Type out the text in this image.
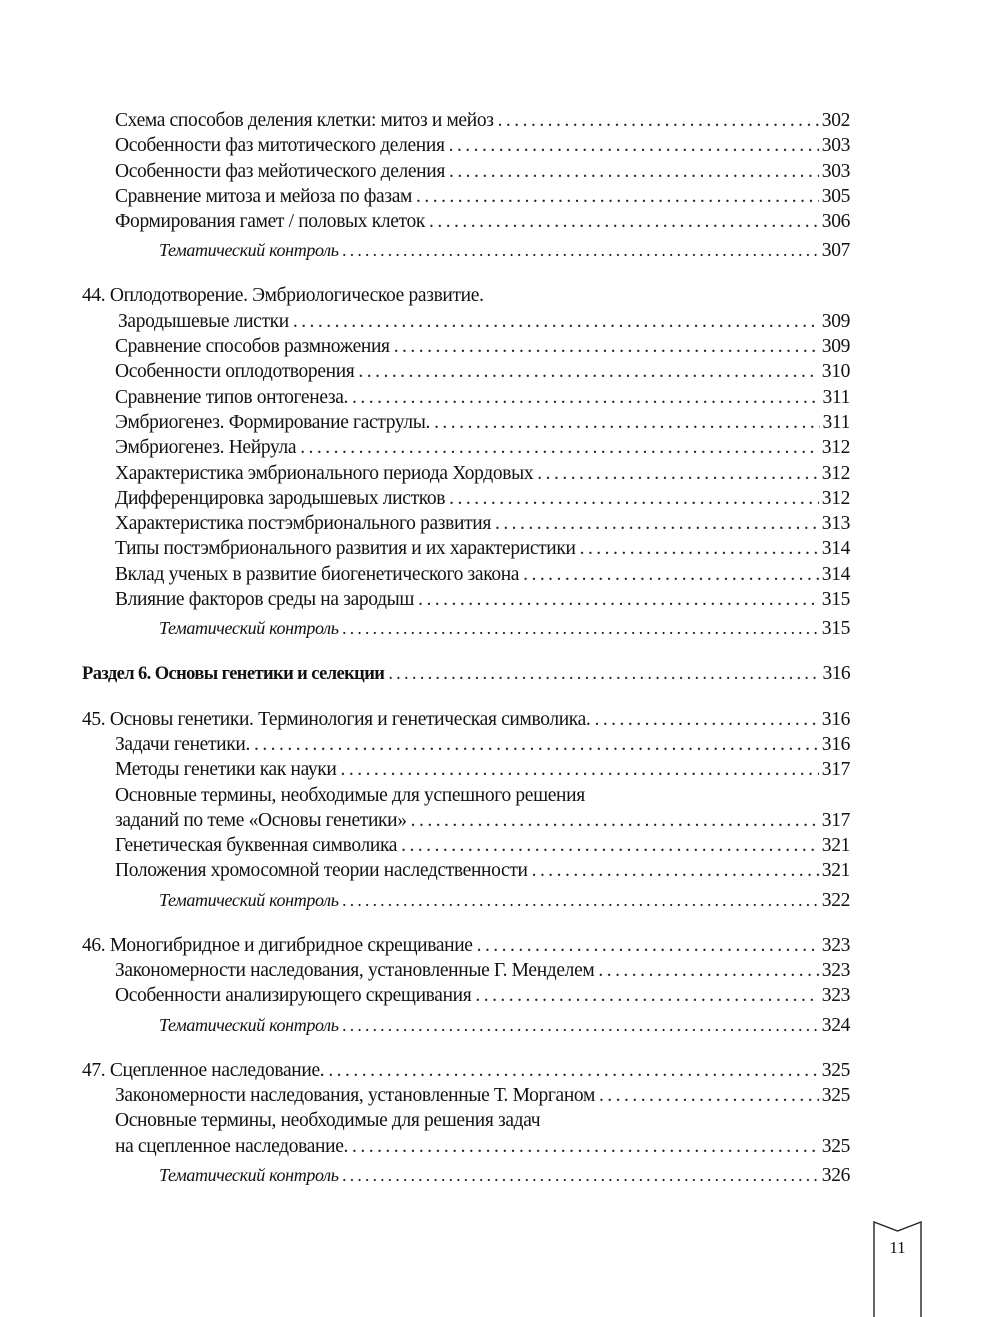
Схема способов деления клетки: митоз и мейоз . . .	302
Особенности фаз митотического деления . . .	303
Особенности фаз мейотического деления . . .	303
Сравнение митоза и мейоза по фазам . . .	305
Формирования гамет / половых клеток . . .	306
Тематический контроль . . .	307
44. Оплодотворение. Эмбриологическое развитие.
Зародышевые листки . . .	309
Сравнение способов размножения . . .	309
Особенности оплодотворения . . .	310
Сравнение типов онтогенеза. . . .	311
Эмбриогенез. Формирование гаструлы. . . .	311
Эмбриогенез. Нейрула . . .	312
Характеристика эмбрионального периода Хордовых . . .	312
Дифференцировка зародышевых листков . . .	312
Характеристика постэмбрионального развития . . .	313
Типы постэмбрионального развития и их характеристики . . .	314
Вклад ученых в развитие биогенетического закона . . .	314
Влияние факторов среды на зародыш . . .	315
Тематический контроль . . .	315
Раздел 6. Основы генетики и селекции . . .	316
45. Основы генетики. Терминология и генетическая символика. . . .	316
Задачи генетики. . . .	316
Методы генетики как науки . . .	317
Основные термины, необходимые для успешного решения
заданий по теме «Основы генетики» . . .	317
Генетическая буквенная символика . . .	321
Положения хромосомной теории наследственности . . .	321
Тематический контроль . . .	322
46. Моногибридное и дигибридное скрещивание . . .	323
Закономерности наследования, установленные Г. Менделем . . .	323
Особенности анализирующего скрещивания . . .	323
Тематический контроль . . .	324
47. Сцепленное наследование. . . .	325
Закономерности наследования, установленные Т. Морганом . . .	325
Основные термины, необходимые для решения задач
на сцепленное наследование. . . .	325
Тематический контроль . . .	326
11
